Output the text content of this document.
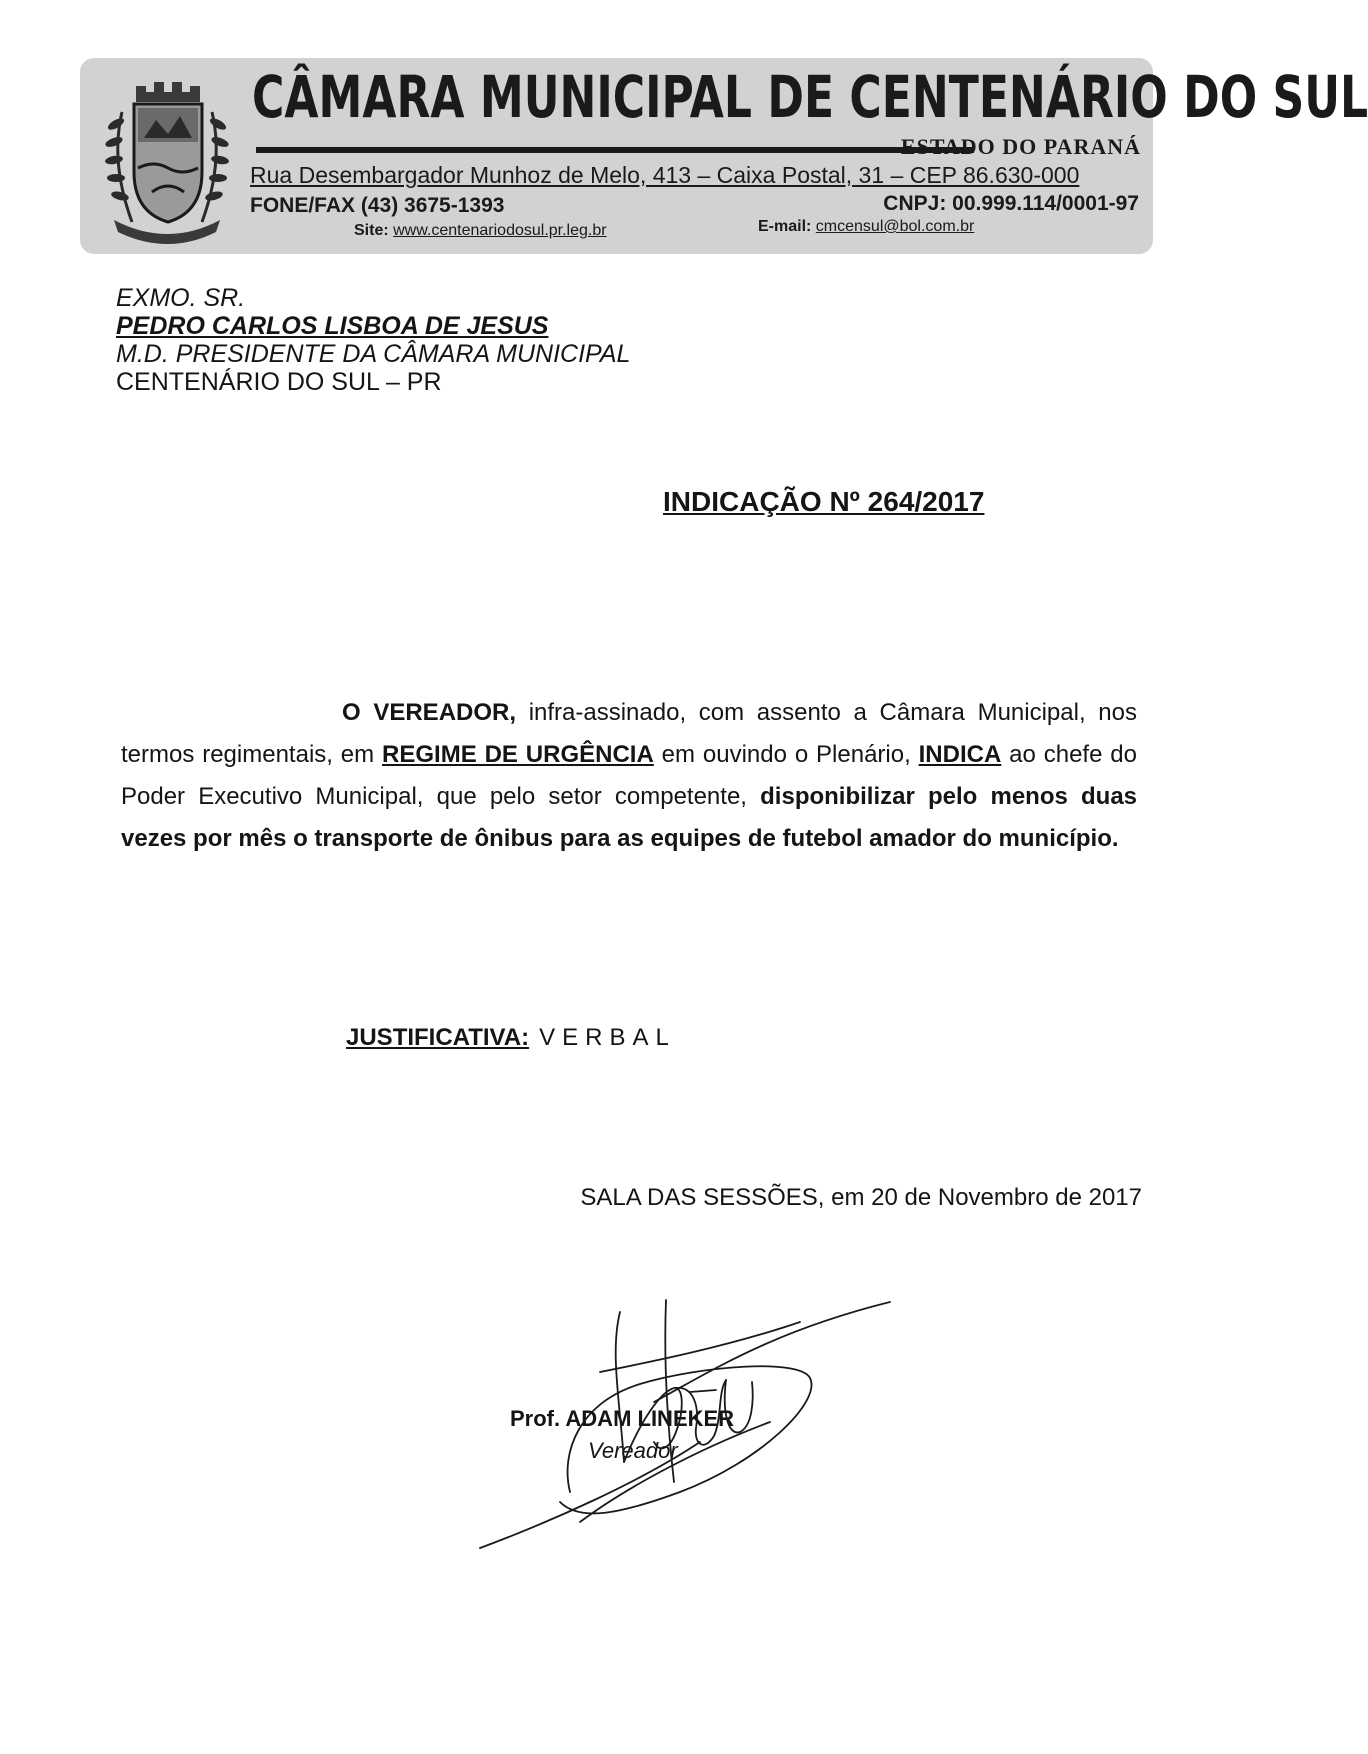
CÂMARA MUNICIPAL DE CENTENÁRIO DO SUL
ESTADO DO PARANÁ
Rua Desembargador Munhoz de Melo, 413 – Caixa Postal, 31 – CEP 86.630-000
FONE/FAX (43) 3675-1393	CNPJ: 00.999.114/0001-97
Site: www.centenariodosul.pr.leg.br	E-mail: cmcensul@bol.com.br
EXMO. SR.
PEDRO CARLOS LISBOA DE JESUS
M.D. PRESIDENTE DA CÂMARA MUNICIPAL
CENTENÁRIO DO SUL – PR
INDICAÇÃO Nº 264/2017

O VEREADOR, infra-assinado, com assento a Câmara Municipal, nos termos regimentais, em REGIME DE URGÊNCIA em ouvindo o Plenário, INDICA ao chefe do Poder Executivo Municipal, que pelo setor competente, disponibilizar pelo menos duas vezes por mês o transporte de ônibus para as equipes de futebol amador do município.

JUSTIFICATIVA: VERBAL
SALA DAS SESSÕES, em 20 de Novembro de 2017
Prof. ADAM LINEKER
Vereador
